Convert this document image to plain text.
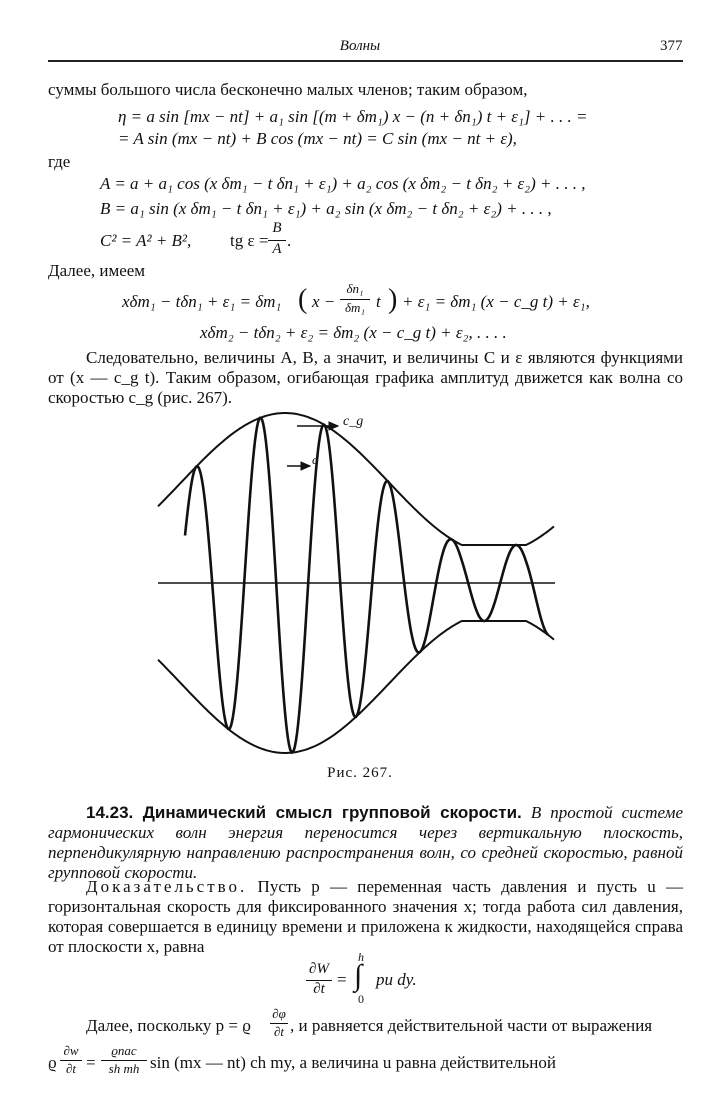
Волны	377
суммы большого числа бесконечно малых членов; таким образом,
η = a sin [mx − nt] + a₁ sin [(m + δm₁) x − (n + δn₁) t + ε₁] + . . . =
= A sin (mx − nt) + B cos (mx − nt) = C sin (mx − nt + ε),
где
A = a + a₁ cos (x δm₁ − t δn₁ + ε₁) + a₂ cos (x δm₂ − t δn₂ + ε₂) + . . . ,
B = a₁ sin (x δm₁ − t δn₁ + ε₁) + a₂ sin (x δm₂ − t δn₂ + ε₂) + . . . ,
C² = A² + B², tg ε =
B
A .
Далее, имеем
xδm₁ − tδn₁ + ε₁ = δm₁ ( x −
δn₁
δm₁ t ) + ε₁ = δm₁ (x − c_g t) + ε₁,
xδm₂ − tδn₂ + ε₂ = δm₂ (x − c_g t) + ε₂, . . . .
Следовательно, величины A, B, а значит, и величины C и ε являются функциями от (x — c_g t). Таким образом, огибающая графика амплитуд движется как волна со скоростью c_g (рис. 267).
c_g
c
Рис. 267.
14.23. Динамический смысл групповой скорости. В простой системе гармонических волн энергия переносится через вертикальную плоскость, перпендикулярную направлению распространения волн, со средней скоростью, равной групповой скорости.
Доказательство. Пусть p — переменная часть давления и пусть u — горизонтальная скорость для фиксированного значения x; тогда работа сил давления, которая совершается в единицу времени и приложена к жидкости, находящейся справа от плоскости x, равна
∂W
∂t =
h
∫
0
pu dy.
Далее, поскольку p = ϱ
∂φ
∂t , и равняется действительной части от выражения
ϱ
∂w
∂t =
ϱnac
sh mh sin (mx — nt) ch my, а величина u равна действительной
